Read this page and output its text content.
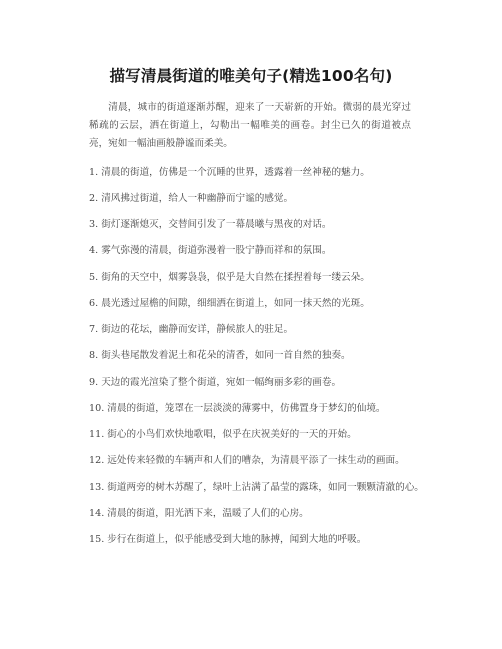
描写清晨街道的唯美句子(精选100名句)
清晨，城市的街道逐渐苏醒，迎来了一天崭新的开始。微弱的晨光穿过稀疏的云层，洒在街道上，勾勒出一幅唯美的画卷。封尘已久的街道被点亮，宛如一幅油画般静谧而柔美。
1. 清晨的街道，仿佛是一个沉睡的世界，透露着一丝神秘的魅力。
2. 清风拂过街道，给人一种幽静而宁谧的感觉。
3. 街灯逐渐熄灭，交替间引发了一幕晨曦与黑夜的对话。
4. 雾气弥漫的清晨，街道弥漫着一股宁静而祥和的氛围。
5. 街角的天空中，烟雾袅袅，似乎是大自然在揉捏着每一缕云朵。
6. 晨光透过屋檐的间隙，细细洒在街道上，如同一抹天然的光斑。
7. 街边的花坛，幽静而安详，静候旅人的驻足。
8. 街头巷尾散发着泥土和花朵的清香，如同一首自然的独奏。
9. 天边的霞光渲染了整个街道，宛如一幅绚丽多彩的画卷。
10. 清晨的街道，笼罩在一层淡淡的薄雾中，仿佛置身于梦幻的仙境。
11. 街心的小鸟们欢快地歌唱，似乎在庆祝美好的一天的开始。
12. 远处传来轻微的车辆声和人们的嘈杂，为清晨平添了一抹生动的画面。
13. 街道两旁的树木苏醒了，绿叶上沾满了晶莹的露珠，如同一颗颗清澈的心。
14. 清晨的街道，阳光洒下来，温暖了人们的心房。
15. 步行在街道上，似乎能感受到大地的脉搏，闻到大地的呼吸。
